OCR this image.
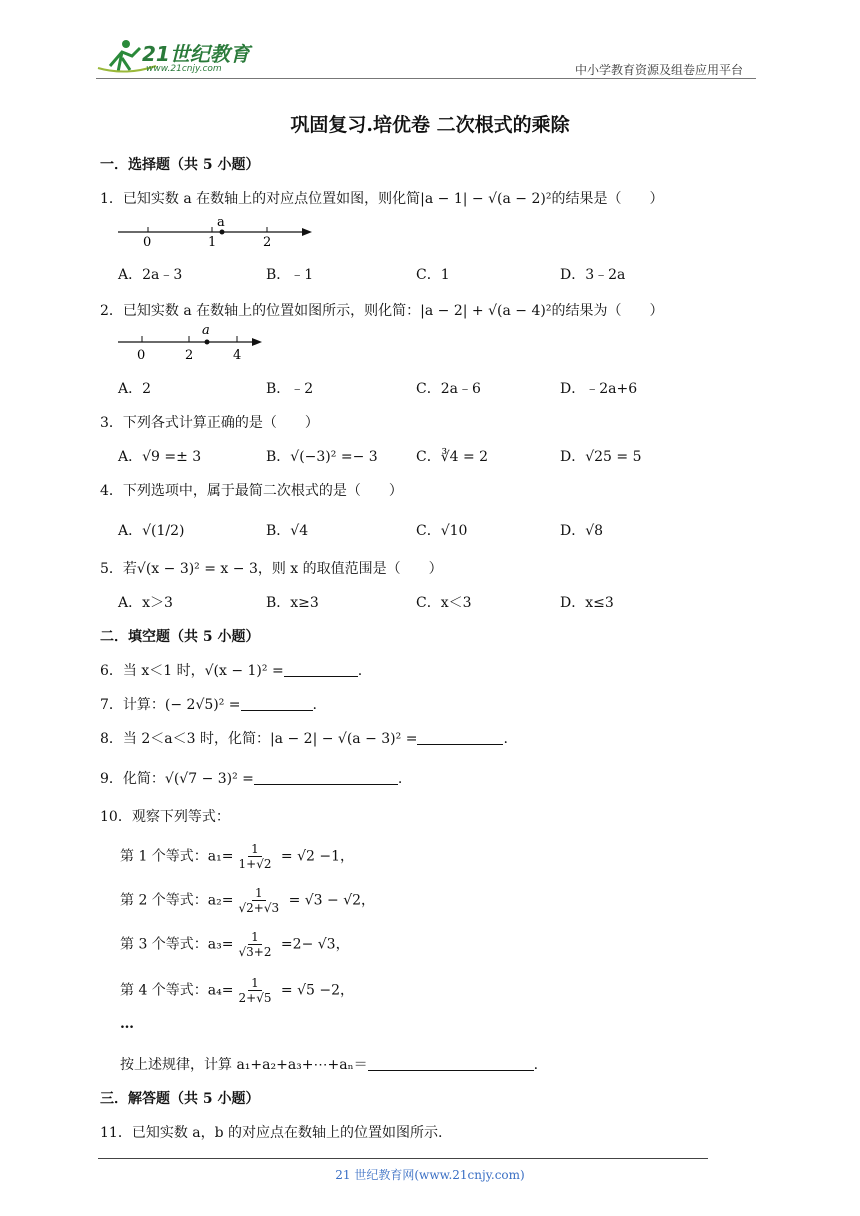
21世纪教育
www.21cnjy.com	中小学教育资源及组卷应用平台
巩固复习.培优卷 二次根式的乘除
一．选择题（共 5 小题）
1．已知实数 a 在数轴上的对应点位置如图，则化简|a − 1| − √(a − 2)²的结果是（　　）
0	1	2
a
A．2a﹣3	B．﹣1	C．1	D．3﹣2a
2．已知实数 a 在数轴上的位置如图所示，则化简：|a − 2| + √(a − 4)²的结果为（　　）
0	2	4
a
A．2	B．﹣2	C．2a﹣6	D．﹣2a+6
3．下列各式计算正确的是（　　）
A．√9 =± 3	B．√(−3)² =− 3	C．∛4 = 2	D．√25 = 5
4．下列选项中，属于最简二次根式的是（　　）
A．√(1/2)	B．√4	C．√10	D．√8
5．若√(x − 3)² = x − 3，则 x 的取值范围是（　　）
A．x＞3	B．x≥3	C．x＜3	D．x≤3
二．填空题（共 5 小题）
6．当 x＜1 时，√(x − 1)² =	.
7．计算：(− 2√5)² =	.
8．当 2＜a＜3 时，化简：|a − 2| − √(a − 3)² =	.
9．化简：√(√7 − 3)² =	.
10．观察下列等式：
第 1 个等式：$a_1= \frac{1}{1+√2} = √2 -1$，
第 2 个等式：$a_2= \frac{1}{√2+√3} = √3 - √2$，
第 3 个等式：$a_3= \frac{1}{√3+2} =2- √3$，
第 4 个等式：$a_4= \frac{1}{2+√5} = √5 -2$，
…
按上述规律，计算 a₁+a₂+a₃+⋯+aₙ＝	.
三．解答题（共 5 小题）
11．已知实数 a，b 的对应点在数轴上的位置如图所示.
21 世纪教育网(www.21cnjy.com)
